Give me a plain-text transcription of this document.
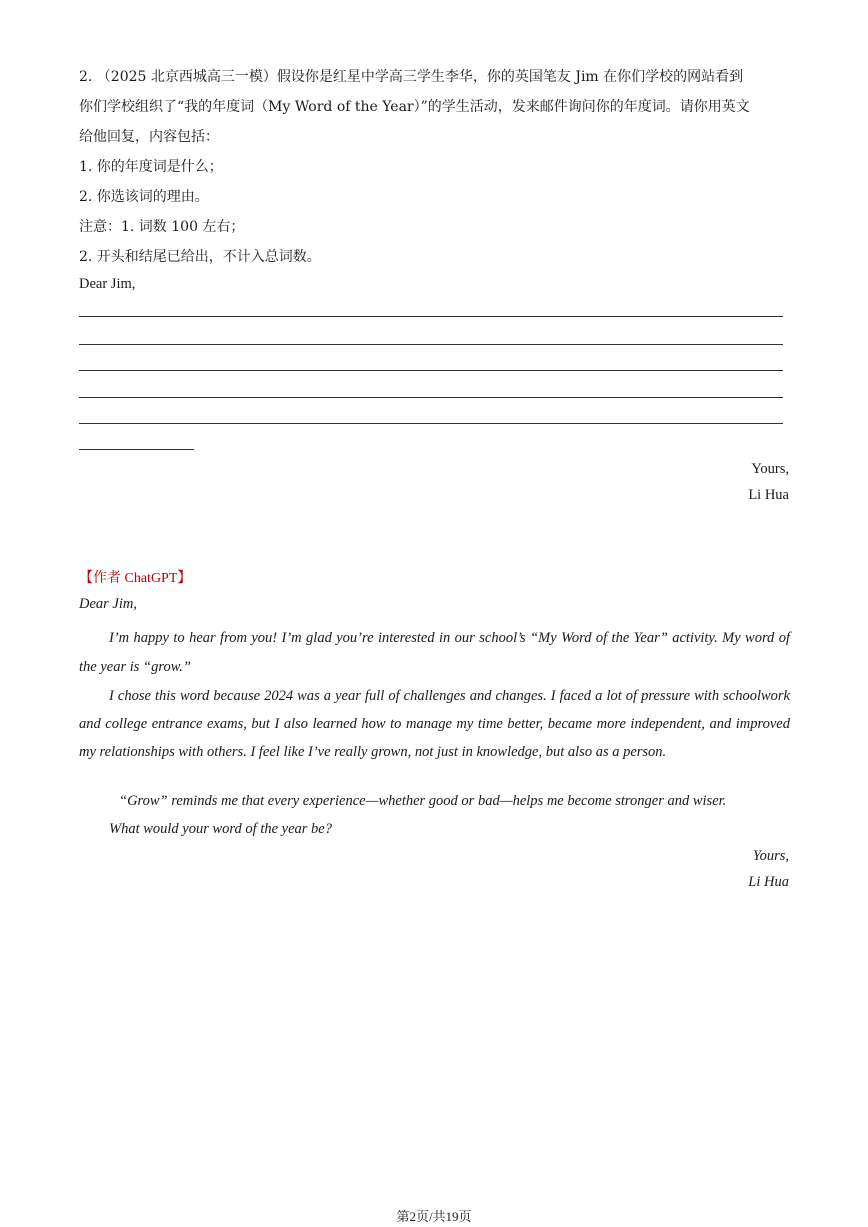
2. （2025 北京西城高三一模）假设你是红星中学高三学生李华，你的英国笔友 Jim 在你们学校的网站看到
你们学校组织了“我的年度词（My Word of the Year）”的学生活动，发来邮件询问你的年度词。请你用英文
给他回复，内容包括：
1. 你的年度词是什么；
2. 你选该词的理由。
注意：1. 词数 100 左右；
2. 开头和结尾已给出，不计入总词数。
Dear Jim,
Yours,
Li Hua
【作者 ChatGPT】
Dear Jim,
I’m happy to hear from you! I’m glad you’re interested in our school’s “My Word of the Year” activity. My word of the year is “grow.”
I chose this word because 2024 was a year full of challenges and changes. I faced a lot of pressure with schoolwork and college entrance exams, but I also learned how to manage my time better, became more independent, and improved my relationships with others. I feel like I’ve really grown, not just in knowledge, but also as a person.
“Grow” reminds me that every experience—whether good or bad—helps me become stronger and wiser.
What would your word of the year be?
Yours,
Li Hua
第2页/共19页
